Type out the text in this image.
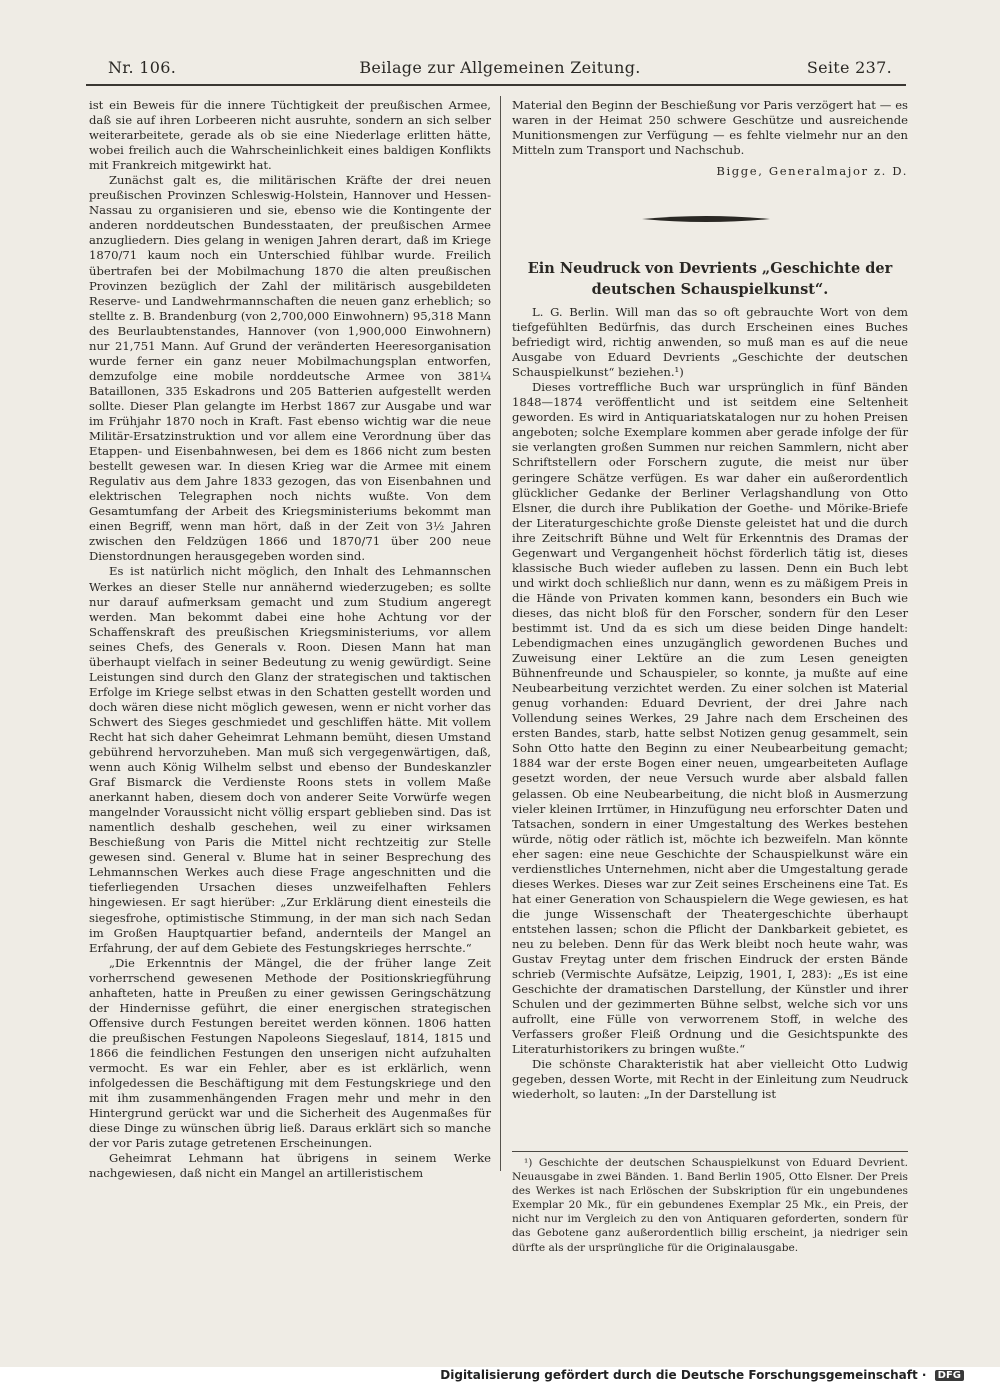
Nr. 106.	Beilage zur Allgemeinen Zeitung.	Seite 237.

ist ein Beweis für die innere Tüchtigkeit der preußischen Armee, daß sie auf ihren Lorbeeren nicht ausruhte, sondern an sich selber weiterarbeitete, gerade als ob sie eine Niederlage erlitten hätte, wobei freilich auch die Wahrscheinlichkeit eines baldigen Konflikts mit Frankreich mitgewirkt hat.

Zunächst galt es, die militärischen Kräfte der drei neuen preußischen Provinzen Schleswig-Holstein, Hannover und Hessen-Nassau zu organisieren und sie, ebenso wie die Kontingente der anderen norddeutschen Bundesstaaten, der preußischen Armee anzugliedern. Dies gelang in wenigen Jahren derart, daß im Kriege 1870/71 kaum noch ein Unterschied fühlbar wurde. Freilich übertrafen bei der Mobilmachung 1870 die alten preußischen Provinzen bezüglich der Zahl der militärisch ausgebildeten Reserve- und Landwehrmannschaften die neuen ganz erheblich; so stellte z. B. Brandenburg (von 2,700,000 Einwohnern) 95,318 Mann des Beurlaubtenstandes, Hannover (von 1,900,000 Einwohnern) nur 21,751 Mann. Auf Grund der veränderten Heeresorganisation wurde ferner ein ganz neuer Mobilmachungsplan entworfen, demzufolge eine mobile norddeutsche Armee von 381¼ Bataillonen, 335 Eskadrons und 205 Batterien aufgestellt werden sollte. Dieser Plan gelangte im Herbst 1867 zur Ausgabe und war im Frühjahr 1870 noch in Kraft. Fast ebenso wichtig war die neue Militär-Ersatzinstruktion und vor allem eine Verordnung über das Etappen- und Eisenbahnwesen, bei dem es 1866 nicht zum besten bestellt gewesen war. In diesen Krieg war die Armee mit einem Regulativ aus dem Jahre 1833 gezogen, das von Eisenbahnen und elektrischen Telegraphen noch nichts wußte. Von dem Gesamtumfang der Arbeit des Kriegsministeriums bekommt man einen Begriff, wenn man hört, daß in der Zeit von 3½ Jahren zwischen den Feldzügen 1866 und 1870/71 über 200 neue Dienstordnungen herausgegeben worden sind.

Es ist natürlich nicht möglich, den Inhalt des Lehmannschen Werkes an dieser Stelle nur annähernd wiederzugeben; es sollte nur darauf aufmerksam gemacht und zum Studium angeregt werden. Man bekommt dabei eine hohe Achtung vor der Schaffenskraft des preußischen Kriegsministeriums, vor allem seines Chefs, des Generals v. Roon. Diesen Mann hat man überhaupt vielfach in seiner Bedeutung zu wenig gewürdigt. Seine Leistungen sind durch den Glanz der strategischen und taktischen Erfolge im Kriege selbst etwas in den Schatten gestellt worden und doch wären diese nicht möglich gewesen, wenn er nicht vorher das Schwert des Sieges geschmiedet und geschliffen hätte. Mit vollem Recht hat sich daher Geheimrat Lehmann bemüht, diesen Umstand gebührend hervorzuheben. Man muß sich vergegenwärtigen, daß, wenn auch König Wilhelm selbst und ebenso der Bundeskanzler Graf Bismarck die Verdienste Roons stets in vollem Maße anerkannt haben, diesem doch von anderer Seite Vorwürfe wegen mangelnder Voraussicht nicht völlig erspart geblieben sind. Das ist namentlich deshalb geschehen, weil zu einer wirksamen Beschießung von Paris die Mittel nicht rechtzeitig zur Stelle gewesen sind. General v. Blume hat in seiner Besprechung des Lehmannschen Werkes auch diese Frage angeschnitten und die tieferliegenden Ursachen dieses unzweifelhaften Fehlers hingewiesen. Er sagt hierüber: „Zur Erklärung dient einesteils die siegesfrohe, optimistische Stimmung, in der man sich nach Sedan im Großen Hauptquartier befand, andernteils der Mangel an Erfahrung, der auf dem Gebiete des Festungskrieges herrschte.“

„Die Erkenntnis der Mängel, die der früher lange Zeit vorherrschend gewesenen Methode der Positionskriegführung anhafteten, hatte in Preußen zu einer gewissen Geringschätzung der Hindernisse geführt, die einer energischen strategischen Offensive durch Festungen bereitet werden können. 1806 hatten die preußischen Festungen Napoleons Siegeslauf, 1814, 1815 und 1866 die feindlichen Festungen den unserigen nicht aufzuhalten vermocht. Es war ein Fehler, aber es ist erklärlich, wenn infolgedessen die Beschäftigung mit dem Festungskriege und den mit ihm zusammenhängenden Fragen mehr und mehr in den Hintergrund gerückt war und die Sicherheit des Augenmaßes für diese Dinge zu wünschen übrig ließ. Daraus erklärt sich so manche der vor Paris zutage getretenen Erscheinungen.

Geheimrat Lehmann hat übrigens in seinem Werke nachgewiesen, daß nicht ein Mangel an artilleristischem

Material den Beginn der Beschießung vor Paris verzögert hat — es waren in der Heimat 250 schwere Geschütze und ausreichende Munitionsmengen zur Verfügung — es fehlte vielmehr nur an den Mitteln zum Transport und Nachschub.

Bigge, Generalmajor z. D.

Ein Neudruck von Devrients „Geschichte der
deutschen Schauspielkunst“.

L. G. Berlin. Will man das so oft gebrauchte Wort von dem tiefgefühlten Bedürfnis, das durch Erscheinen eines Buches befriedigt wird, richtig anwenden, so muß man es auf die neue Ausgabe von Eduard Devrients „Geschichte der deutschen Schauspielkunst“ beziehen.¹)

Dieses vortreffliche Buch war ursprünglich in fünf Bänden 1848—1874 veröffentlicht und ist seitdem eine Seltenheit geworden. Es wird in Antiquariatskatalogen nur zu hohen Preisen angeboten; solche Exemplare kommen aber gerade infolge der für sie verlangten großen Summen nur reichen Sammlern, nicht aber Schriftstellern oder Forschern zugute, die meist nur über geringere Schätze verfügen. Es war daher ein außerordentlich glücklicher Gedanke der Berliner Verlagshandlung von Otto Elsner, die durch ihre Publikation der Goethe- und Mörike-Briefe der Literaturgeschichte große Dienste geleistet hat und die durch ihre Zeitschrift Bühne und Welt für Erkenntnis des Dramas der Gegenwart und Vergangenheit höchst förderlich tätig ist, dieses klassische Buch wieder aufleben zu lassen. Denn ein Buch lebt und wirkt doch schließlich nur dann, wenn es zu mäßigem Preis in die Hände von Privaten kommen kann, besonders ein Buch wie dieses, das nicht bloß für den Forscher, sondern für den Leser bestimmt ist. Und da es sich um diese beiden Dinge handelt: Lebendigmachen eines unzugänglich gewordenen Buches und Zuweisung einer Lektüre an die zum Lesen geneigten Bühnenfreunde und Schauspieler, so konnte, ja mußte auf eine Neubearbeitung verzichtet werden. Zu einer solchen ist Material genug vorhanden: Eduard Devrient, der drei Jahre nach Vollendung seines Werkes, 29 Jahre nach dem Erscheinen des ersten Bandes, starb, hatte selbst Notizen genug gesammelt, sein Sohn Otto hatte den Beginn zu einer Neubearbeitung gemacht; 1884 war der erste Bogen einer neuen, umgearbeiteten Auflage gesetzt worden, der neue Versuch wurde aber alsbald fallen gelassen. Ob eine Neubearbeitung, die nicht bloß in Ausmerzung vieler kleinen Irrtümer, in Hinzufügung neu erforschter Daten und Tatsachen, sondern in einer Umgestaltung des Werkes bestehen würde, nötig oder rätlich ist, möchte ich bezweifeln. Man könnte eher sagen: eine neue Geschichte der Schauspielkunst wäre ein verdienstliches Unternehmen, nicht aber die Umgestaltung gerade dieses Werkes. Dieses war zur Zeit seines Erscheinens eine Tat. Es hat einer Generation von Schauspielern die Wege gewiesen, es hat die junge Wissenschaft der Theatergeschichte überhaupt entstehen lassen; schon die Pflicht der Dankbarkeit gebietet, es neu zu beleben. Denn für das Werk bleibt noch heute wahr, was Gustav Freytag unter dem frischen Eindruck der ersten Bände schrieb (Vermischte Aufsätze, Leipzig, 1901, I, 283): „Es ist eine Geschichte der dramatischen Darstellung, der Künstler und ihrer Schulen und der gezimmerten Bühne selbst, welche sich vor uns aufrollt, eine Fülle von verworrenem Stoff, in welche des Verfassers großer Fleiß Ordnung und die Gesichtspunkte des Literaturhistorikers zu bringen wußte.“

Die schönste Charakteristik hat aber vielleicht Otto Ludwig gegeben, dessen Worte, mit Recht in der Einleitung zum Neudruck wiederholt, so lauten: „In der Darstellung ist

¹) Geschichte der deutschen Schauspielkunst von Eduard Devrient. Neuausgabe in zwei Bänden. 1. Band Berlin 1905, Otto Elsner. Der Preis des Werkes ist nach Erlöschen der Subskription für ein ungebundenes Exemplar 20 Mk., für ein gebundenes Exemplar 25 Mk., ein Preis, der nicht nur im Vergleich zu den von Antiquaren geforderten, sondern für das Gebotene ganz außerordentlich billig erscheint, ja niedriger sein dürfte als der ursprüngliche für die Originalausgabe.

Digitalisierung gefördert durch die Deutsche Forschungsgemeinschaft · DFG
